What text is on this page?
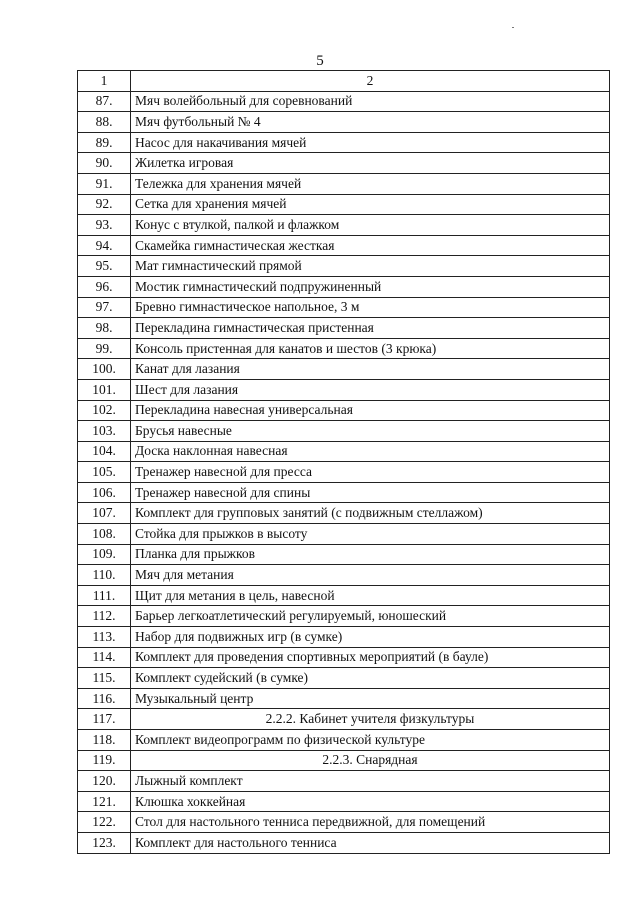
5
1	2
87.	Мяч волейбольный для соревнований
88.	Мяч футбольный № 4
89.	Насос для накачивания мячей
90.	Жилетка игровая
91.	Тележка для хранения мячей
92.	Сетка для хранения мячей
93.	Конус с втулкой, палкой и флажком
94.	Скамейка гимнастическая жесткая
95.	Мат гимнастический прямой
96.	Мостик гимнастический подпружиненный
97.	Бревно гимнастическое напольное, 3 м
98.	Перекладина гимнастическая пристенная
99.	Консоль пристенная для канатов и шестов (3 крюка)
100.	Канат для лазания
101.	Шест для лазания
102.	Перекладина навесная универсальная
103.	Брусья навесные
104.	Доска наклонная навесная
105.	Тренажер навесной для пресса
106.	Тренажер навесной для спины
107.	Комплект для групповых занятий (с подвижным стеллажом)
108.	Стойка для прыжков в высоту
109.	Планка для прыжков
110.	Мяч для метания
111.	Щит для метания в цель, навесной
112.	Барьер легкоатлетический регулируемый, юношеский
113.	Набор для подвижных игр (в сумке)
114.	Комплект для проведения спортивных мероприятий (в бауле)
115.	Комплект судейский (в сумке)
116.	Музыкальный центр
117.	2.2.2. Кабинет учителя физкультуры
118.	Комплект видеопрограмм по физической культуре
119.	2.2.3. Снарядная
120.	Лыжный комплект
121.	Клюшка хоккейная
122.	Стол для настольного тенниса передвижной, для помещений
123.	Комплект для настольного тенниса
